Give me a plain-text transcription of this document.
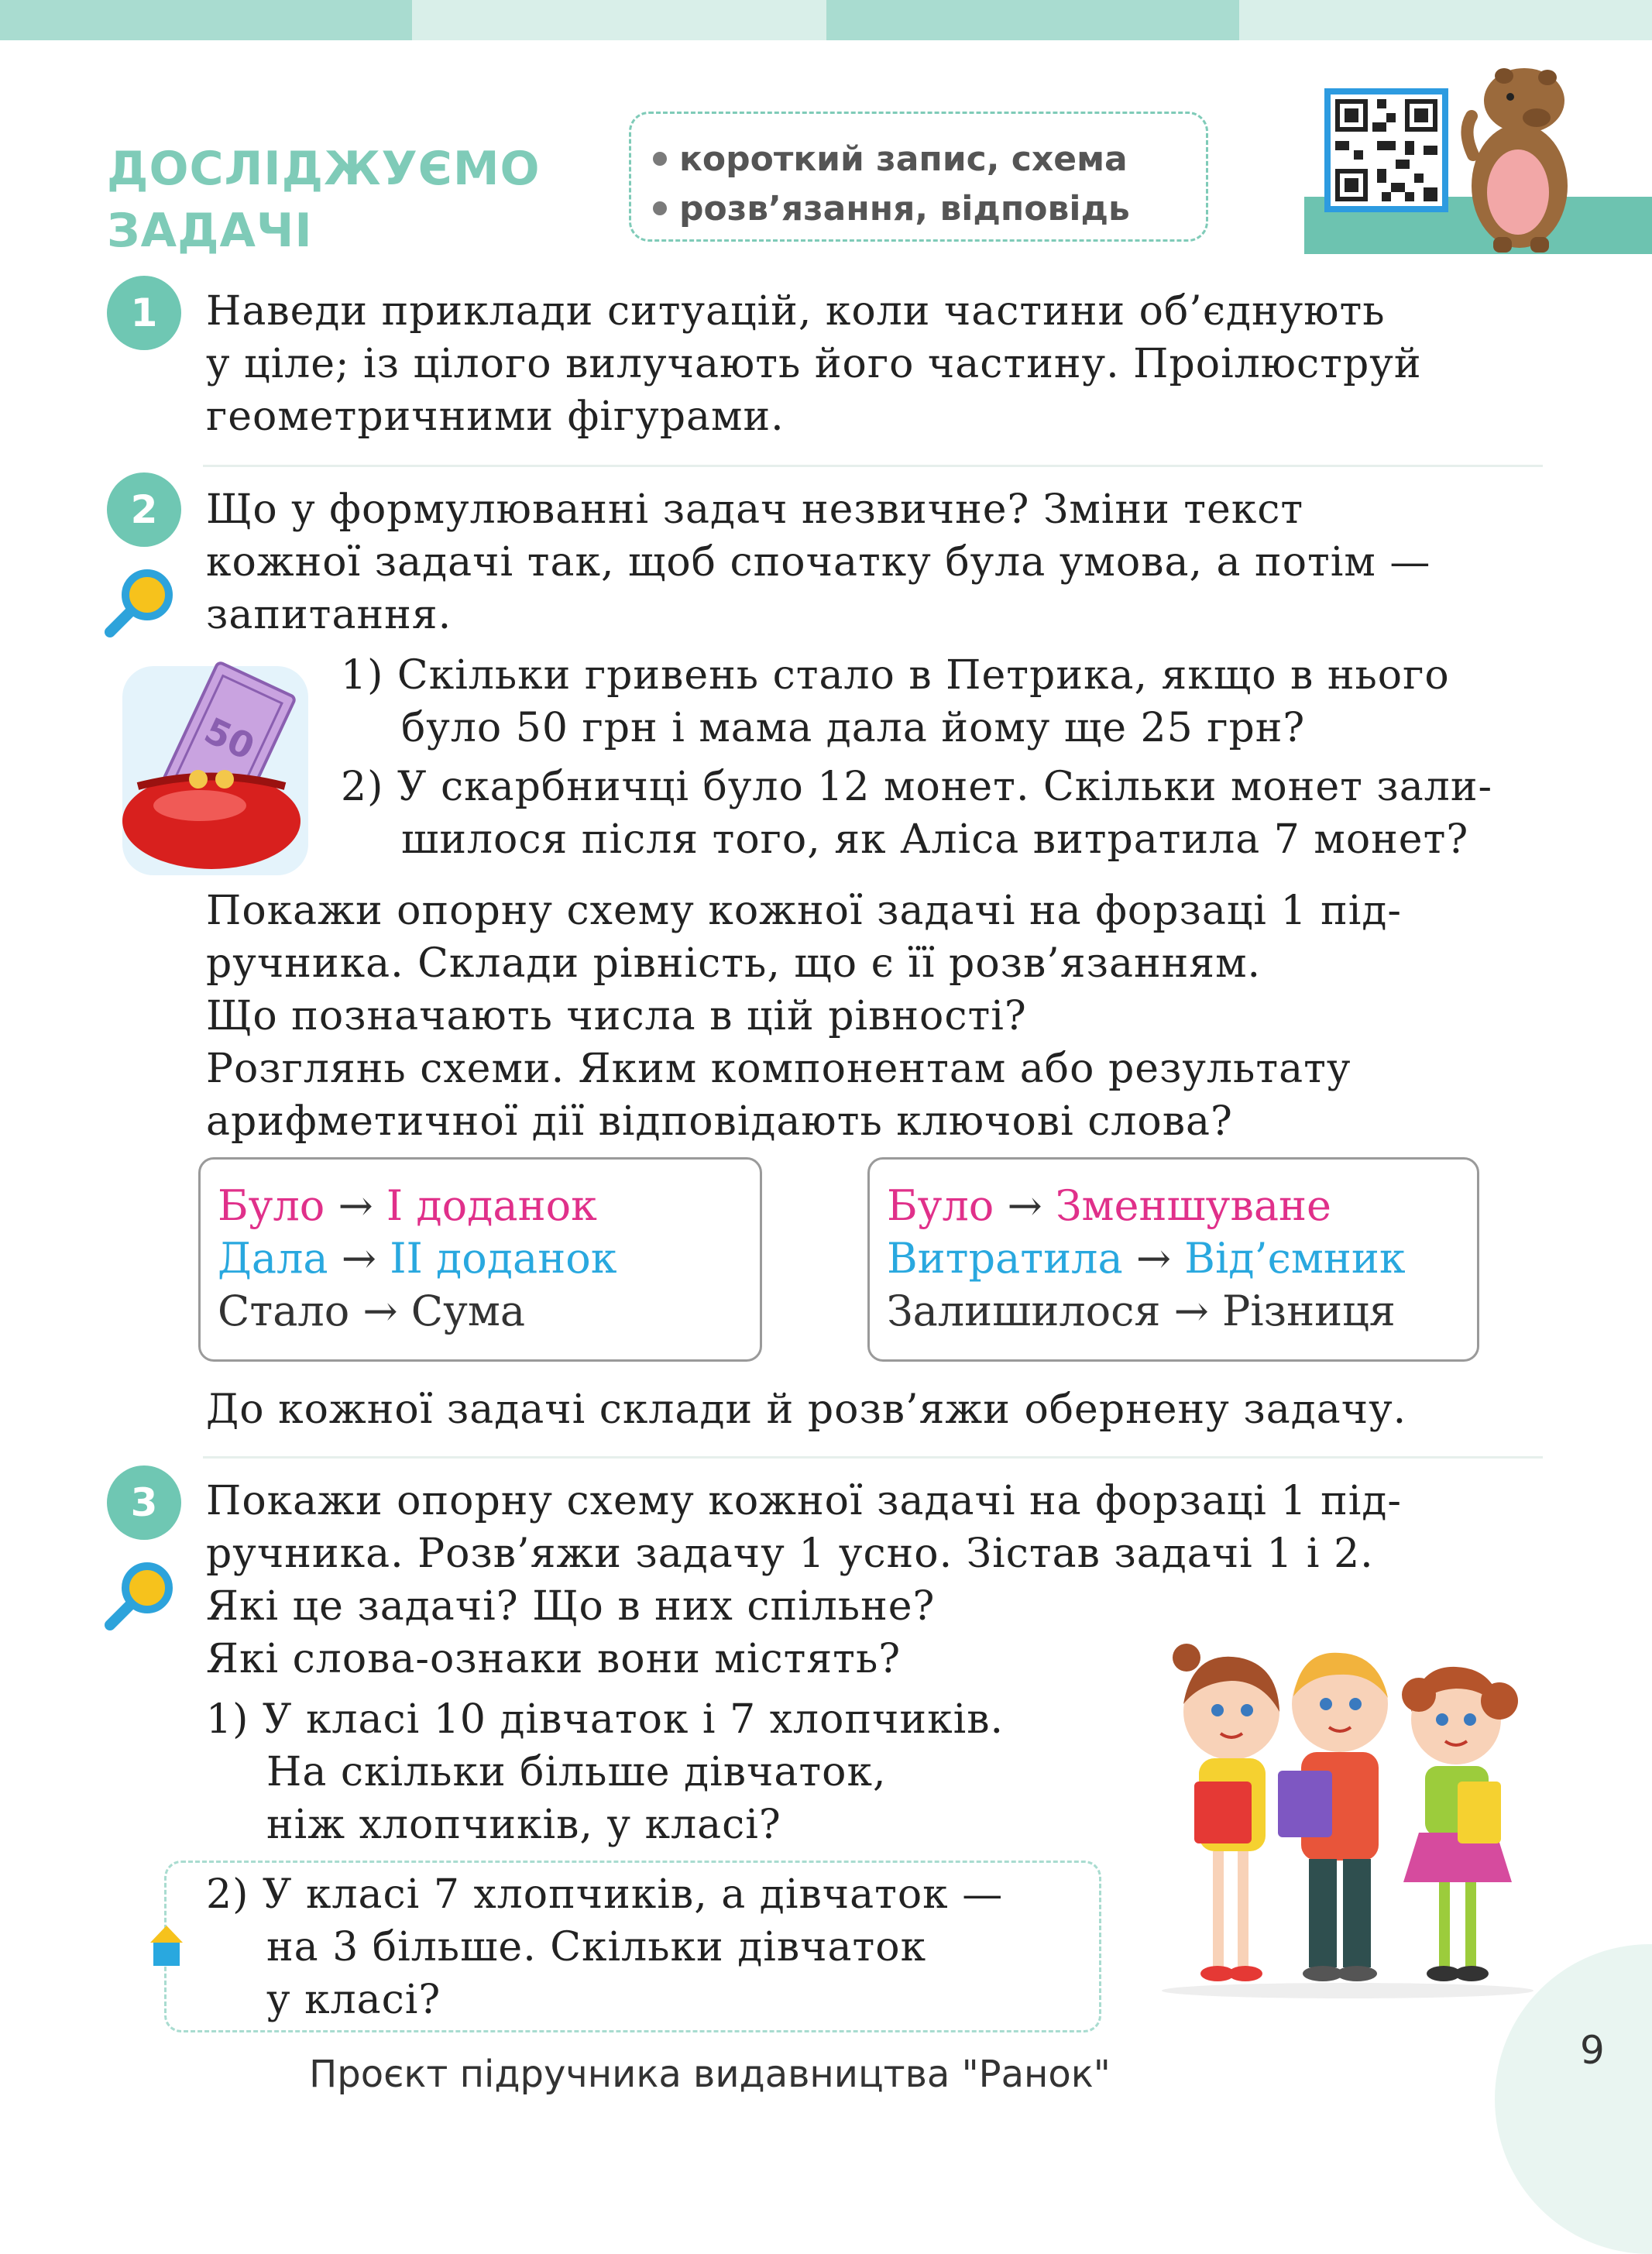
ДОСЛІДЖУЄМО
ЗАДАЧІ
короткий запис, схема
розв’язання, відповідь
1	Наведи приклади ситуацій, коли частини об’єднують
у ціле; із цілого вилучають його частину. Проілюструй
геометричними фігурами.
2	Що у формулюванні задач незвичне? Зміни текст
кожної задачі так, щоб спочатку була умова, а потім —
запитання.
50
1) Скільки гривень стало в Петрика, якщо в нього
було 50 грн і мама дала йому ще 25 грн?
2) У скарбничці було 12 монет. Скільки монет зали-
шилося після того, як Аліса витратила 7 монет?
Покажи опорну схему кожної задачі на форзаці 1 під-
ручника. Склади рівність, що є її розв’язанням.
Що позначають числа в цій рівності?
Розглянь схеми. Яким компонентам або результату
арифметичної дії відповідають ключові слова?
Було → І доданок
Дала → ІІ доданок
Стало → Сума
Було → Зменшуване
Витратила → Від’ємник
Залишилося → Різниця
До кожної задачі склади й розв’яжи обернену задачу.
3	Покажи опорну схему кожної задачі на форзаці 1 під-
ручника. Розв’яжи задачу 1 усно. Зістав задачі 1 і 2.
Які це задачі? Що в них спільне?
Які слова-ознаки вони містять?
1) У класі 10 дівчаток і 7 хлопчиків.
На скільки більше дівчаток,
ніж хлопчиків, у класі?
2) У класі 7 хлопчиків, а дівчаток —
на 3 більше. Скільки дівчаток
у класі?
9
Проєкт підручника видавництва "Ранок"
